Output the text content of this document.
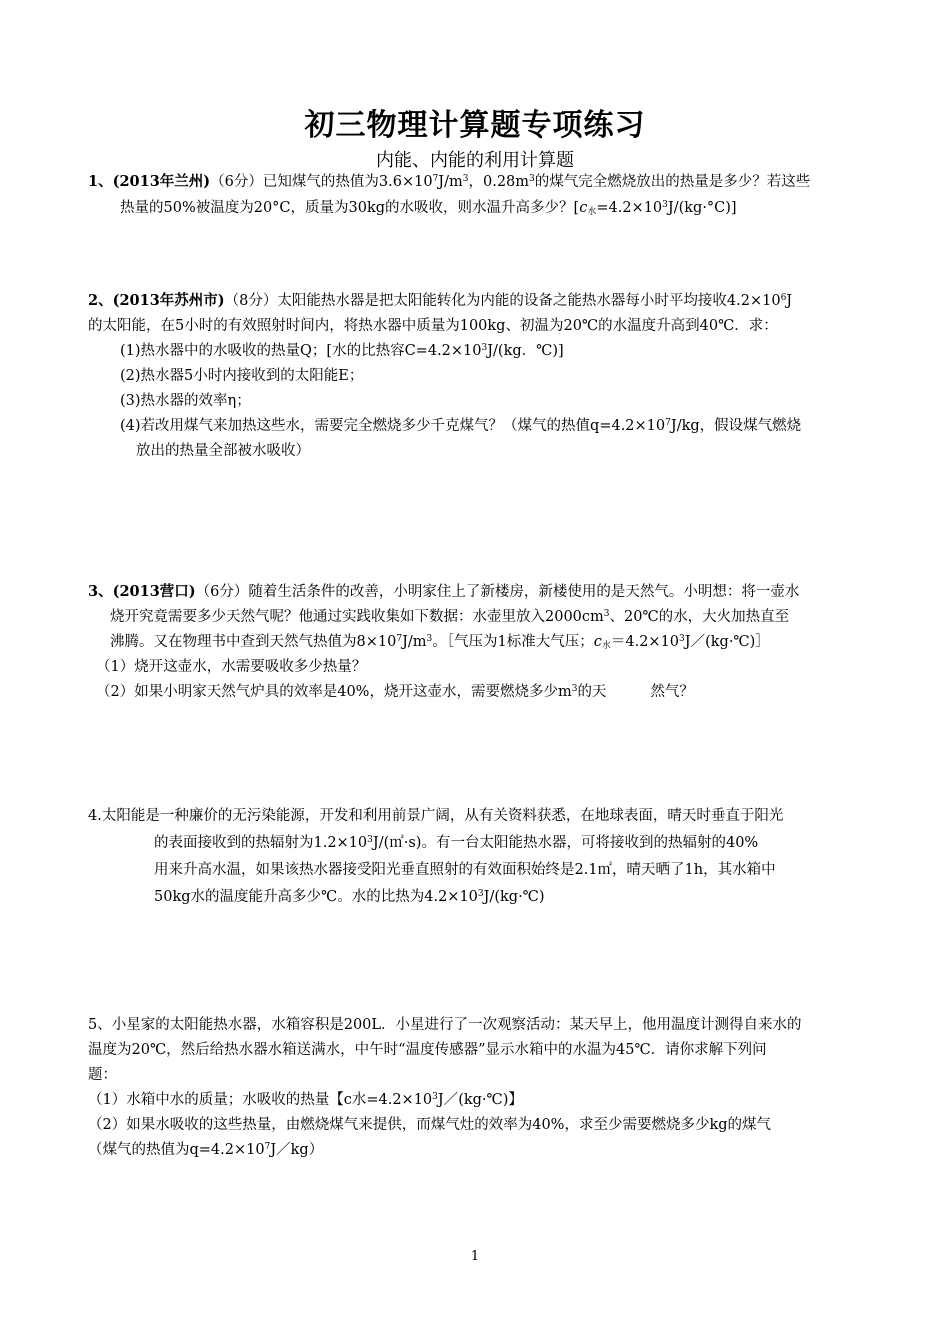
初三物理计算题专项练习
内能、内能的利用计算题
1、(2013年兰州)（6分）已知煤气的热值为$3.6\times 10^7J/m^3$，$0.28m^3$的煤气完全燃烧放出的热量是多少？若这些
热量的50%被温度为20°C，质量为30kg的水吸收，则水温升高多少？$[c_水=4.2\times 10^3J/(kg\cdot^\circ C)]$
2、(2013年苏州市)（8分）太阳能热水器是把太阳能转化为内能的设备之能热水器每小时平均接收$4.2\times 10^6J$
的太阳能，在5小时的有效照射时间内，将热水器中质量为100kg、初温为20℃的水温度升高到40℃．求：
(1)热水器中的水吸收的热量Q；[水的比热容$C=4.2\times 10^3J/(kg$．℃)]
(2)热水器5小时内接收到的太阳能E；
(3)热水器的效率η；
(4)若改用煤气来加热这些水，需要完全燃烧多少千克煤气？（煤气的热值$q=4.2\times 10^7J/kg$，假设煤气燃烧
放出的热量全部被水吸收）
3、(2013营口)（6分）随着生活条件的改善，小明家住上了新楼房，新楼使用的是天然气。小明想：将一壶水
烧开究竟需要多少天然气呢？他通过实践收集如下数据：水壶里放入$2000cm^3$、20℃的水，大火加热直至
沸腾。又在物理书中查到天然气热值为$8\times 10^7J/m^3$。［气压为1标准大气压；$c_水=4.2\times 10^3J/(kg\cdot℃)]$
（1）烧开这壶水，水需要吸收多少热量？
（2）如果小明家天然气炉具的效率是40%，烧开这壶水，需要燃烧多少$m^3$的天	然气？
4.太阳能是一种廉价的无污染能源，开发和利用前景广阔，从有关资料获悉，在地球表面，晴天时垂直于阳光
的表面接收到的热辐射为$1.2\times 10^3J/(㎡\cdot s)$。有一台太阳能热水器，可将接收到的热辐射的40%
用来升高水温，如果该热水器接受阳光垂直照射的有效面积始终是2.1㎡，晴天晒了1h，其水箱中
50kg水的温度能升高多少℃。水的比热为$4.2\times 10^3J/(kg\cdot℃)$
5、小星家的太阳能热水器，水箱容积是200L．小星进行了一次观察活动：某天早上，他用温度计测得自来水的
温度为20℃，然后给热水器水箱送满水，中午时“温度传感器”显示水箱中的水温为45℃．请你求解下列问
题：
（1）水箱中水的质量；水吸收的热量【c水$=4.2\times 10^3J/(kg\cdot℃)$】
（2）如果水吸收的这些热量，由燃烧煤气来提供，而煤气灶的效率为40%，求至少需要燃烧多少kg的煤气
（煤气的热值为$q=4.2\times 10^7J/kg$）
1
